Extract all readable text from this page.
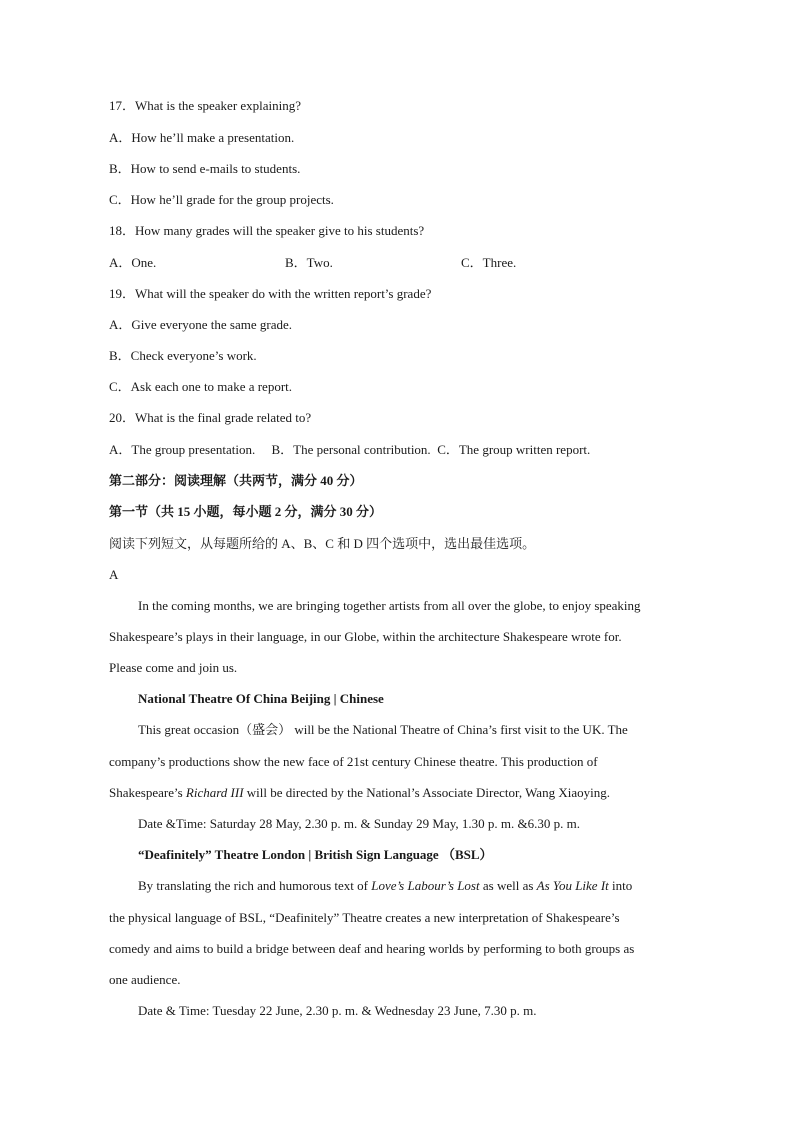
17．What is the speaker explaining?
A．How he’ll make a presentation.
B．How to send e-mails to students.
C．How he’ll grade for the group projects.
18．How many grades will the speaker give to his students?
A．One.	B．Two.	C．Three.
19．What will the speaker do with the written report’s grade?
A．Give everyone the same grade.
B．Check everyone’s work.
C．Ask each one to make a report.
20．What is the final grade related to?
A．The group presentation. B．The personal contribution. C．The group written report.
第二部分：阅读理解（共两节，满分 40 分）
第一节（共 15 小题，每小题 2 分，满分 30 分）
阅读下列短文，从每题所给的 A、B、C 和 D 四个选项中，选出最佳选项。
A
In the coming months, we are bringing together artists from all over the globe, to enjoy speaking
Shakespeare’s plays in their language, in our Globe, within the architecture Shakespeare wrote for.
Please come and join us.
National Theatre Of China Beijing | Chinese
This great occasion（盛会） will be the National Theatre of China’s first visit to the UK. The
company’s productions show the new face of 21st century Chinese theatre. This production of
Shakespeare’s Richard III will be directed by the National’s Associate Director, Wang Xiaoying.
Date &Time: Saturday 28 May, 2.30 p. m. & Sunday 29 May, 1.30 p. m. &6.30 p. m.
“Deafinitely” Theatre London | British Sign Language （BSL）
By translating the rich and humorous text of Love’s Labour’s Lost as well as As You Like It into
the physical language of BSL, “Deafinitely” Theatre creates a new interpretation of Shakespeare’s
comedy and aims to build a bridge between deaf and hearing worlds by performing to both groups as
one audience.
Date & Time: Tuesday 22 June, 2.30 p. m. & Wednesday 23 June, 7.30 p. m.
